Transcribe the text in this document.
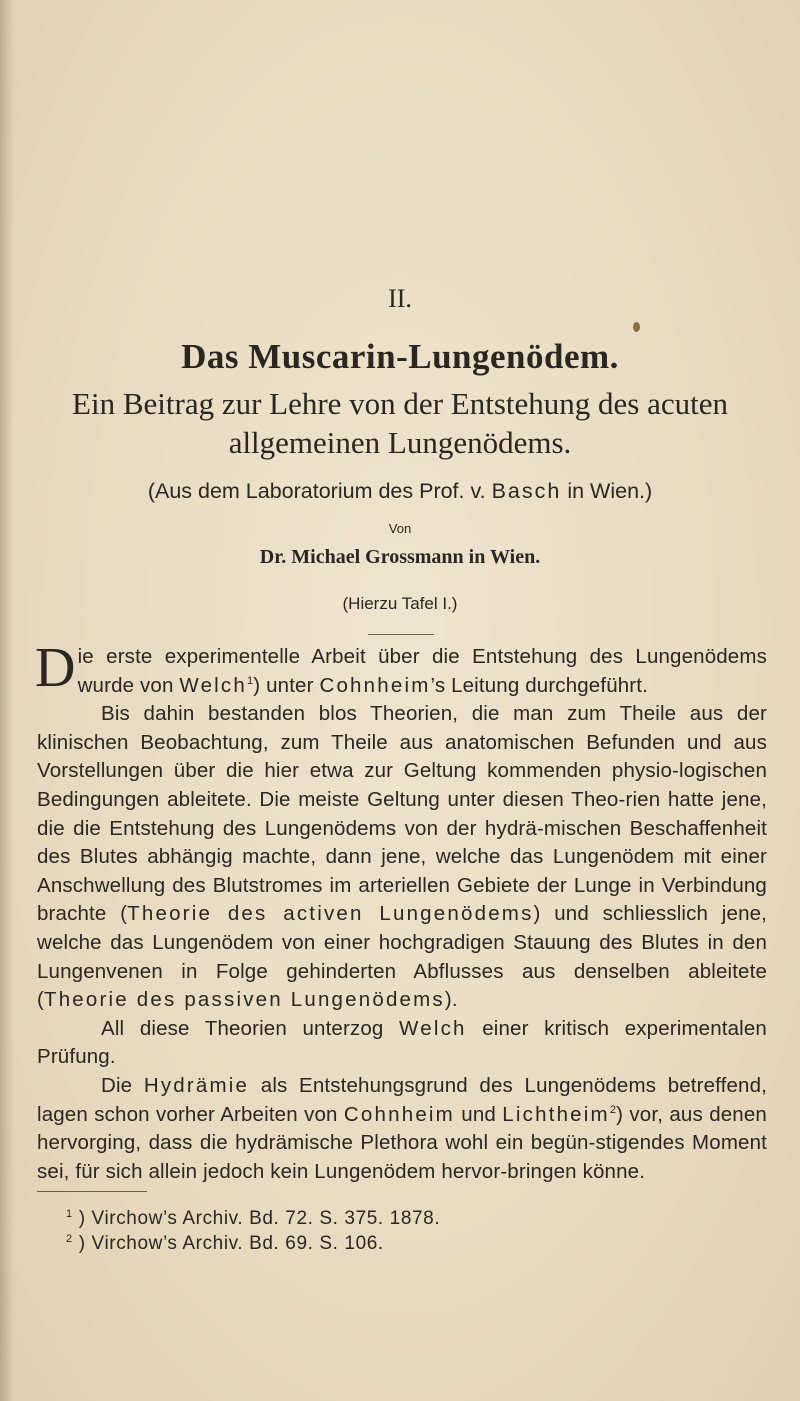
II.
Das Muscarin-Lungenödem.
Ein Beitrag zur Lehre von der Entstehung des acuten
allgemeinen Lungenödems.
(Aus dem Laboratorium des Prof. v. Basch in Wien.)
Von
Dr. Michael Grossmann in Wien.
(Hierzu Tafel I.)

Die erste experimentelle Arbeit über die Entstehung des Lungenödems wurde von Welch$^1$) unter Cohnheim’s Leitung durchgeführt.

Bis dahin bestanden blos Theorien, die man zum Theile aus der klinischen Beobachtung, zum Theile aus anatomischen Befunden und aus Vorstellungen über die hier etwa zur Geltung kommenden physio-logischen Bedingungen ableitete. Die meiste Geltung unter diesen Theo-rien hatte jene, die die Entstehung des Lungenödems von der hydrä-mischen Beschaffenheit des Blutes abhängig machte, dann jene, welche das Lungenödem mit einer Anschwellung des Blutstromes im arteriellen Gebiete der Lunge in Verbindung brachte (Theorie des activen Lungenödems) und schliesslich jene, welche das Lungenödem von einer hochgradigen Stauung des Blutes in den Lungenvenen in Folge gehinderten Abflusses aus denselben ableitete (Theorie des passiven Lungenödems).

All diese Theorien unterzog Welch einer kritisch experimentalen Prüfung.

Die Hydrämie als Entstehungsgrund des Lungenödems betreffend, lagen schon vorher Arbeiten von Cohnheim und Lichtheim$^2$) vor, aus denen hervorging, dass die hydrämische Plethora wohl ein begün-stigendes Moment sei, für sich allein jedoch kein Lungenödem hervor-bringen könne.

$^1$ ) Virchow’s Archiv. Bd. 72. S. 375. 1878.
$^2$ ) Virchow’s Archiv. Bd. 69. S. 106.
